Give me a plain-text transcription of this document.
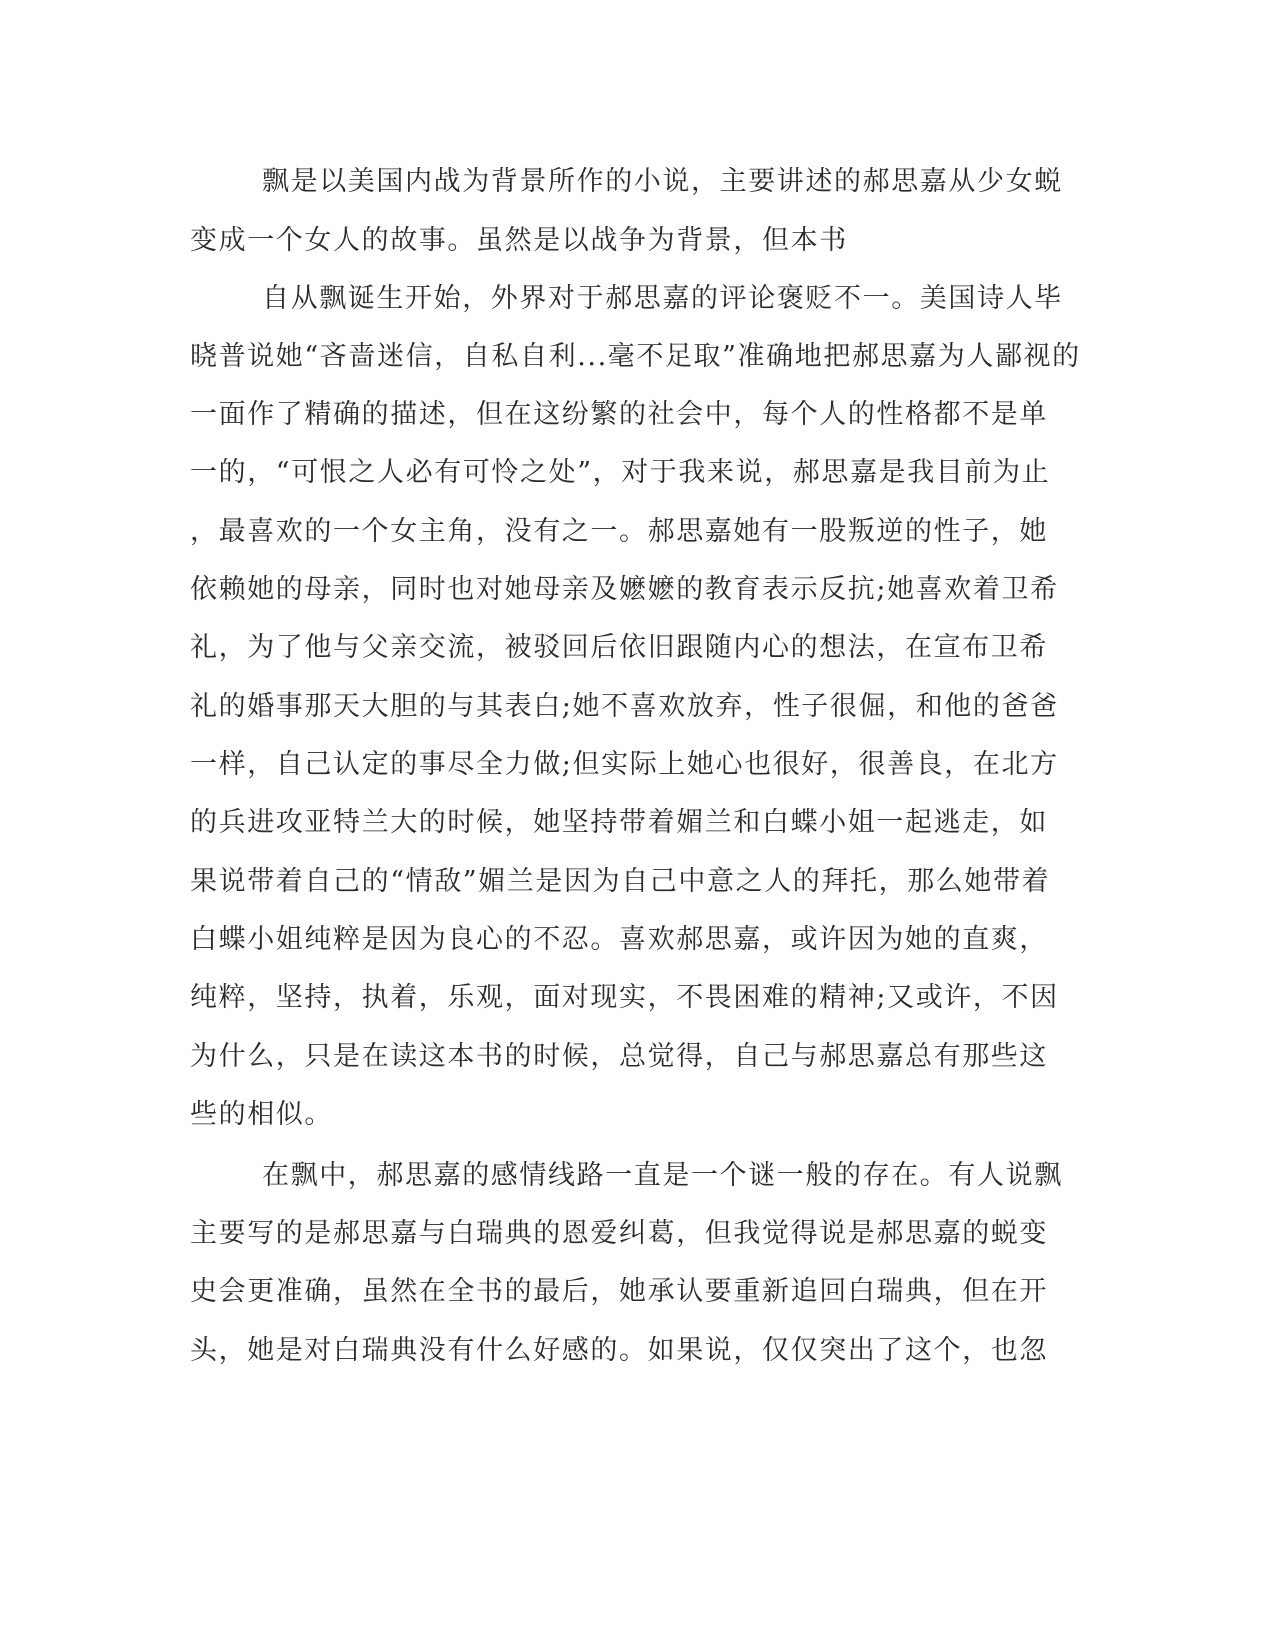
飘是以美国内战为背景所作的小说，主要讲述的郝思嘉从少女蜕
变成一个女人的故事。虽然是以战争为背景，但本书
自从飘诞生开始，外界对于郝思嘉的评论褒贬不一。美国诗人毕
晓普说她“吝啬迷信，自私自利...毫不足取”准确地把郝思嘉为人鄙视的
一面作了精确的描述，但在这纷繁的社会中，每个人的性格都不是单
一的，“可恨之人必有可怜之处”，对于我来说，郝思嘉是我目前为止
，最喜欢的一个女主角，没有之一。郝思嘉她有一股叛逆的性子，她
依赖她的母亲，同时也对她母亲及嬷嬷的教育表示反抗;她喜欢着卫希
礼，为了他与父亲交流，被驳回后依旧跟随内心的想法，在宣布卫希
礼的婚事那天大胆的与其表白;她不喜欢放弃，性子很倔，和他的爸爸
一样，自己认定的事尽全力做;但实际上她心也很好，很善良，在北方
的兵进攻亚特兰大的时候，她坚持带着媚兰和白蝶小姐一起逃走，如
果说带着自己的“情敌”媚兰是因为自己中意之人的拜托，那么她带着
白蝶小姐纯粹是因为良心的不忍。喜欢郝思嘉，或许因为她的直爽，
纯粹，坚持，执着，乐观，面对现实，不畏困难的精神;又或许，不因
为什么，只是在读这本书的时候，总觉得，自己与郝思嘉总有那些这
些的相似。
在飘中，郝思嘉的感情线路一直是一个谜一般的存在。有人说飘
主要写的是郝思嘉与白瑞典的恩爱纠葛，但我觉得说是郝思嘉的蜕变
史会更准确，虽然在全书的最后，她承认要重新追回白瑞典，但在开
头，她是对白瑞典没有什么好感的。如果说，仅仅突出了这个，也忽
